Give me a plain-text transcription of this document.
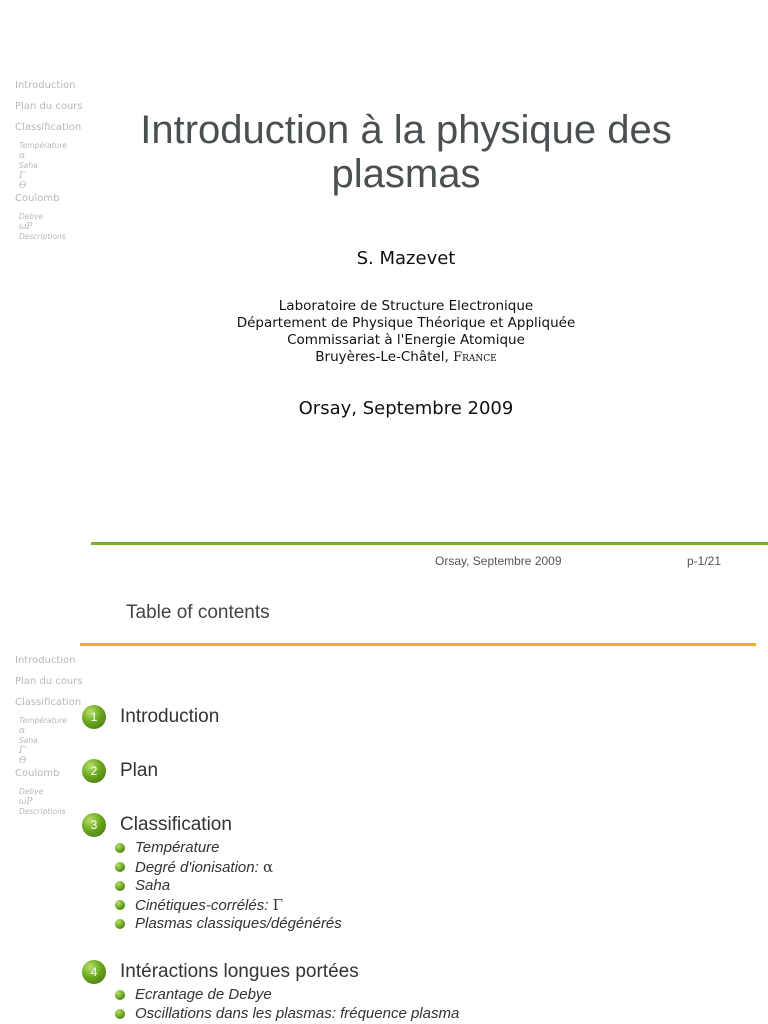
Introduction
Plan du cours
Classification
Température
α
Saha
Γ
ϴ
Coulomb
Debye
ωP
Descriptions
Introduction à la physique des plasmas
S. Mazevet
Laboratoire de Structure Electronique
Département de Physique Théorique et Appliquée
Commissariat à l'Energie Atomique
Bruyères-Le-Châtel, France
Orsay, Septembre 2009
Orsay, Septembre 2009	p-1/21
Table of contents
Introduction
Plan du cours
Classification
Température
α
Saha
Γ
ϴ
Coulomb
Debye
ωP
Descriptions
1	Introduction
2	Plan
3	Classification
Température
Degré d'ionisation: α
Saha
Cinétiques-corrélés: Γ
Plasmas classiques/dégénérés
4	Intéractions longues portées
Ecrantage de Debye
Oscillations dans les plasmas: fréquence plasma
